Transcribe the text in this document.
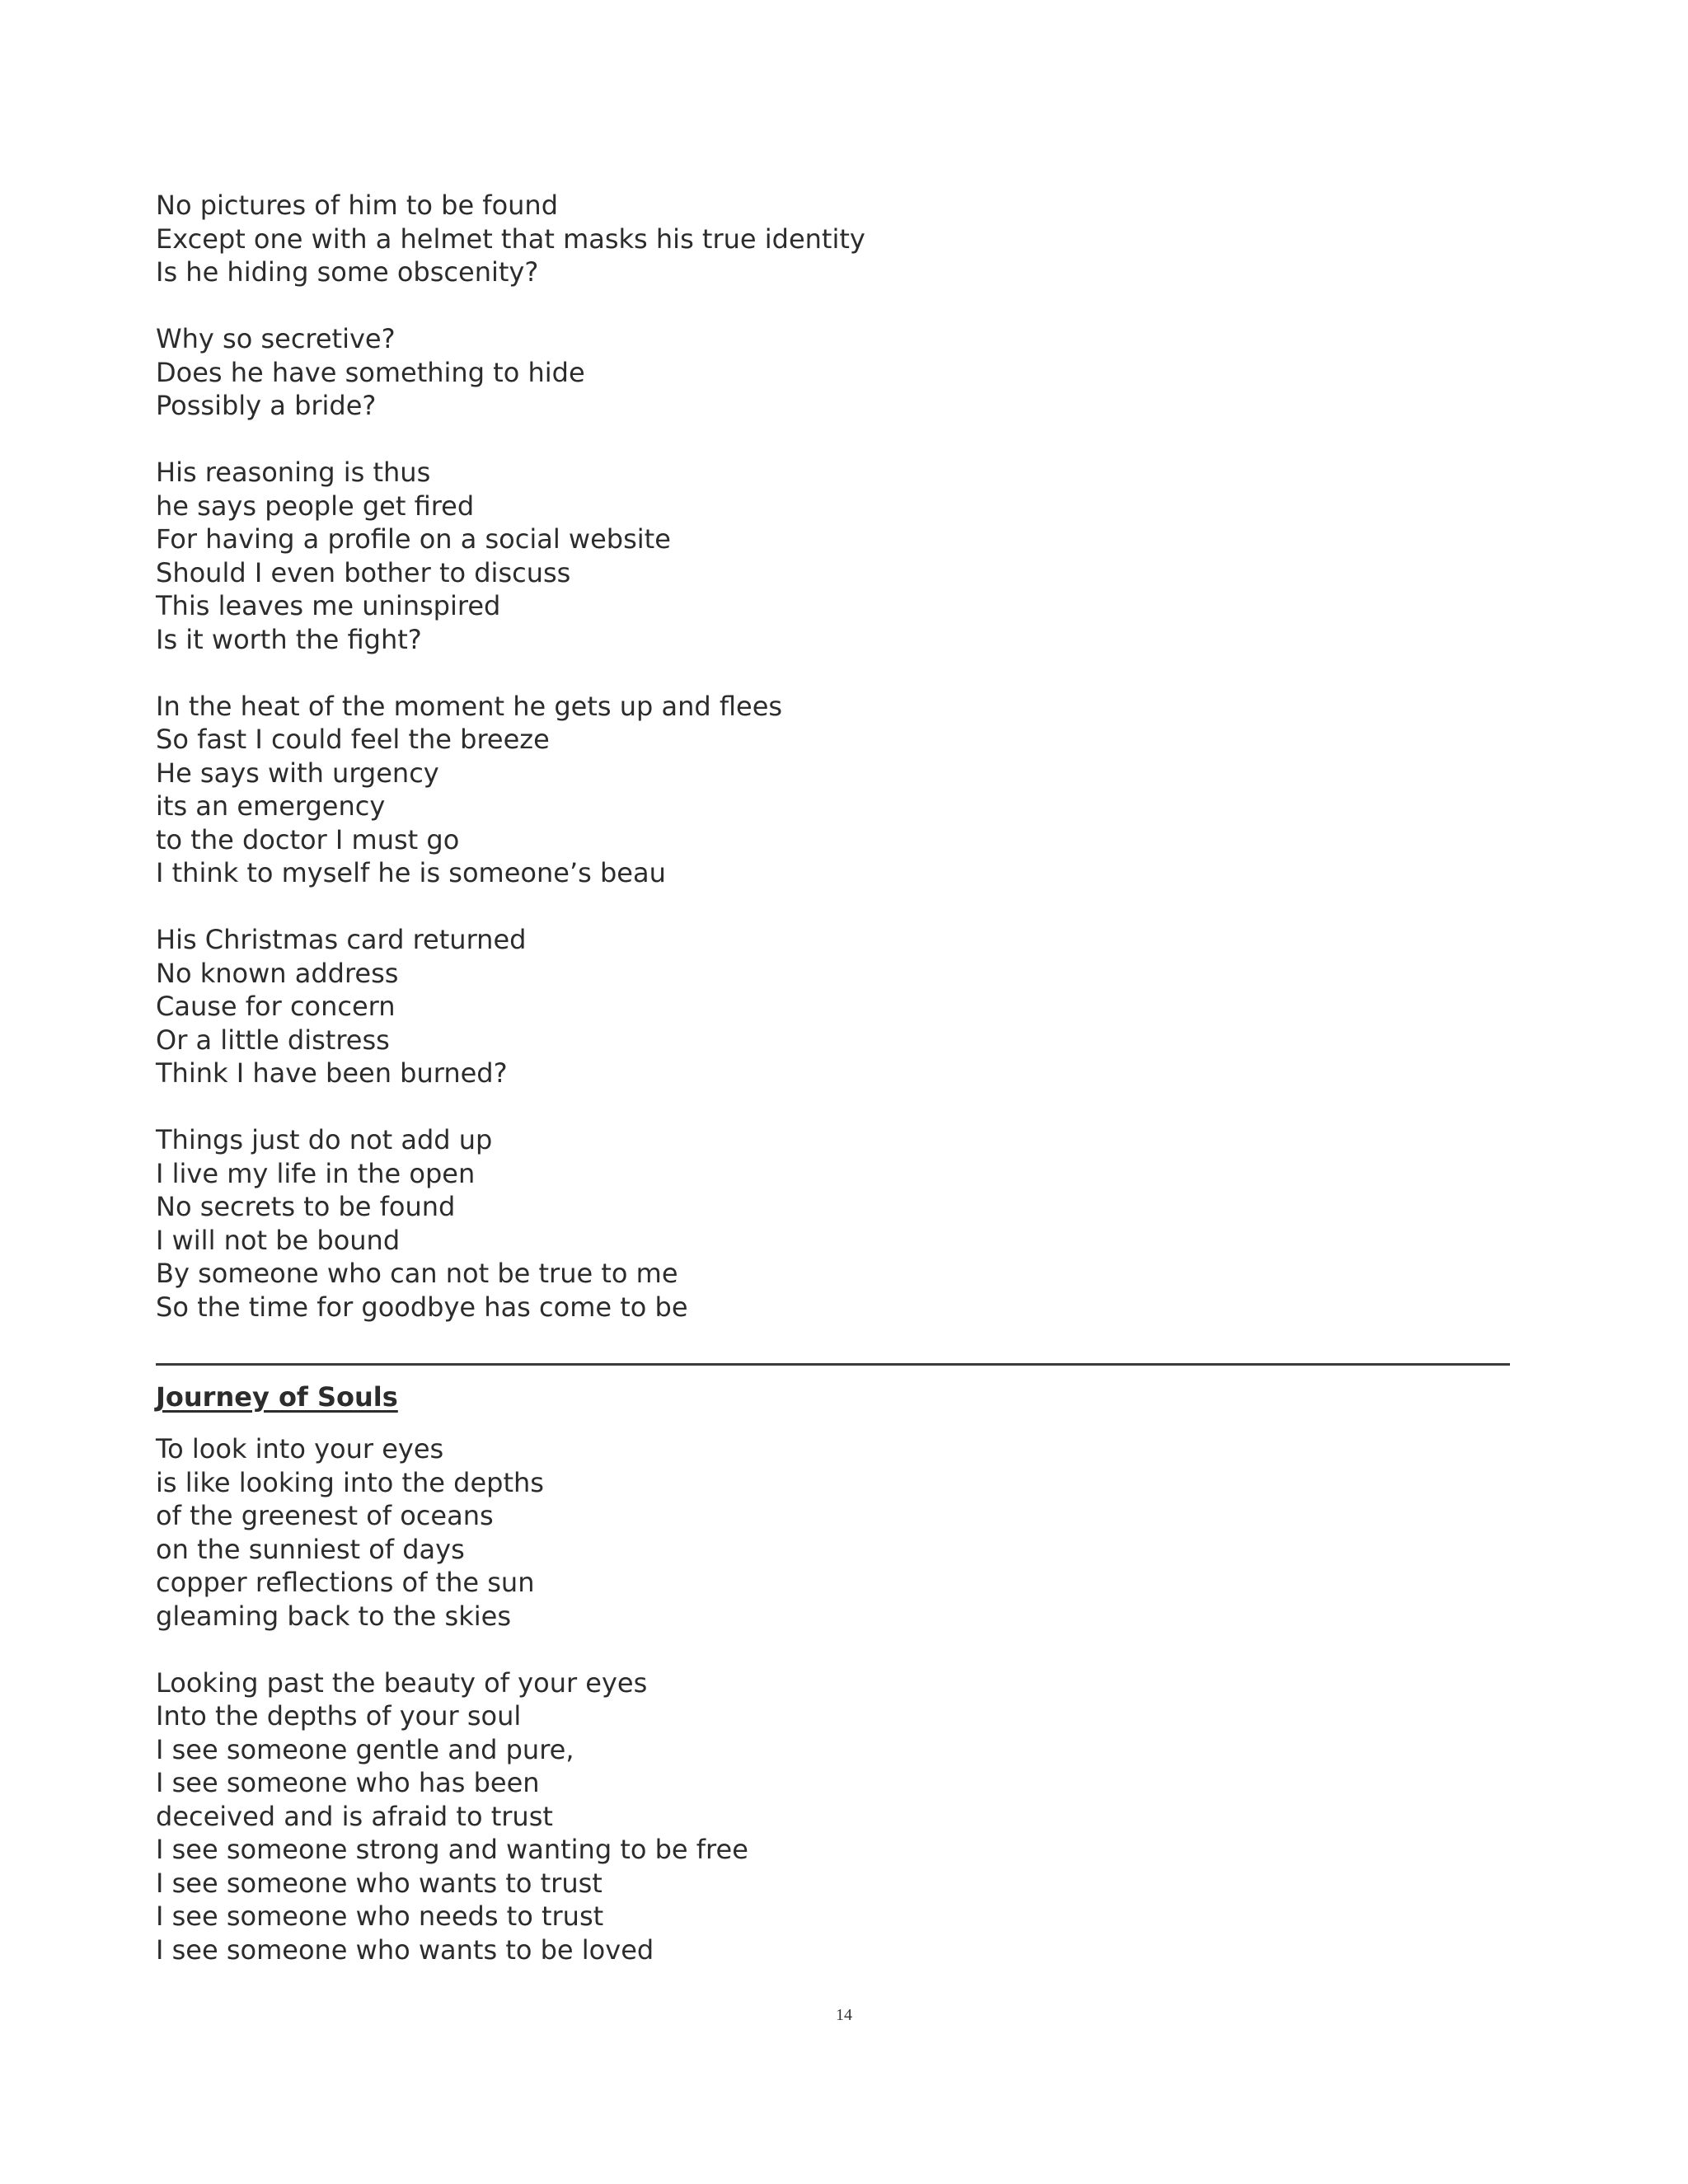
No pictures of him to be found
Except one with a helmet that masks his true identity
Is he hiding some obscenity?
Why so secretive?
Does he have something to hide
Possibly a bride?
His reasoning is thus
he says people get fired
For having a profile on a social website
Should I even bother to discuss
This leaves me uninspired
Is it worth the fight?
In the heat of the moment he gets up and flees
So fast I could feel the breeze
He says with urgency
its an emergency
to the doctor I must go
I think to myself he is someone’s beau
His Christmas card returned
No known address
Cause for concern
Or a little distress
Think I have been burned?
Things just do not add up
I live my life in the open
No secrets to be found
I will not be bound
By someone who can not be true to me
So the time for goodbye has come to be
Journey of Souls
To look into your eyes
is like looking into the depths
of the greenest of oceans
on the sunniest of days
copper reflections of the sun
gleaming back to the skies
Looking past the beauty of your eyes
Into the depths of your soul
I see someone gentle and pure,
I see someone who has been
deceived and is afraid to trust
I see someone strong and wanting to be free
I see someone who wants to trust
I see someone who needs to trust
I see someone who wants to be loved
14
